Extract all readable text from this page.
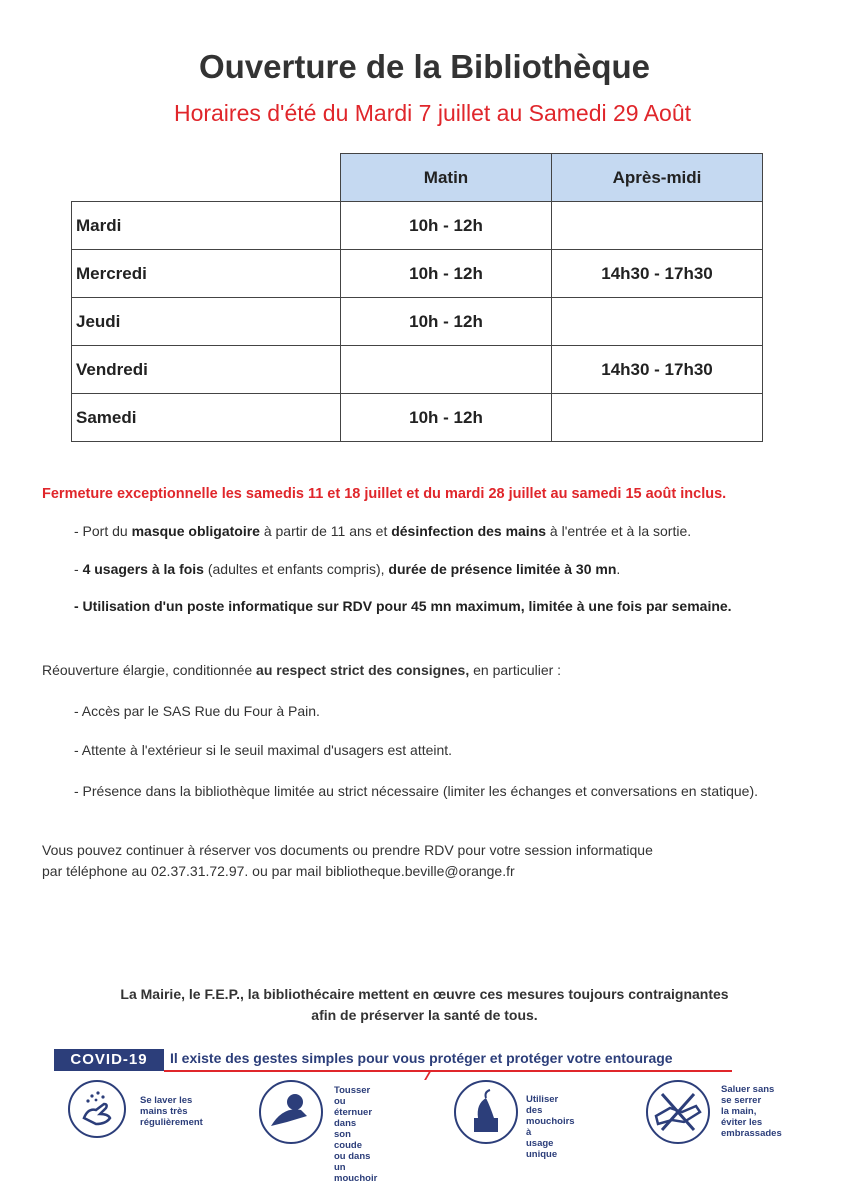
Ouverture de la Bibliothèque
Horaires d'été du Mardi 7 juillet au Samedi 29 Août
	Matin	Après-midi
Mardi	10h - 12h	
Mercredi	10h - 12h	14h30 - 17h30
Jeudi	10h - 12h	
Vendredi		14h30 - 17h30
Samedi	10h - 12h	
Fermeture exceptionnelle les samedis 11 et 18 juillet et du mardi 28 juillet au samedi 15 août inclus.
- Port du masque obligatoire à partir de 11 ans et désinfection des mains à l'entrée et à la sortie.
- 4 usagers à la fois (adultes et enfants compris), durée de présence limitée à 30 mn.
- Utilisation d'un poste informatique sur RDV pour 45 mn maximum, limitée à une fois par semaine.
Réouverture élargie, conditionnée au respect strict des consignes, en particulier :
- Accès par le SAS Rue du Four à Pain.
- Attente à l'extérieur si le seuil maximal d'usagers est atteint.
- Présence dans la bibliothèque limitée au strict nécessaire (limiter les échanges et conversations en statique).
Vous pouvez continuer à réserver vos documents ou prendre RDV pour votre session informatique
par téléphone au 02.37.31.72.97. ou par mail bibliotheque.beville@orange.fr
La Mairie, le F.E.P., la bibliothécaire mettent en œuvre ces mesures toujours contraignantes
afin de préserver la santé de tous.
COVID-19	Il existe des gestes simples pour vous protéger et protéger votre entourage
Se laver les
mains très
régulièrement
Tousser ou
éternuer dans
son coude
ou dans un
mouchoir
Utiliser des
mouchoirs à
usage unique
Saluer sans
se serrer
la main,
éviter les
embrassades
